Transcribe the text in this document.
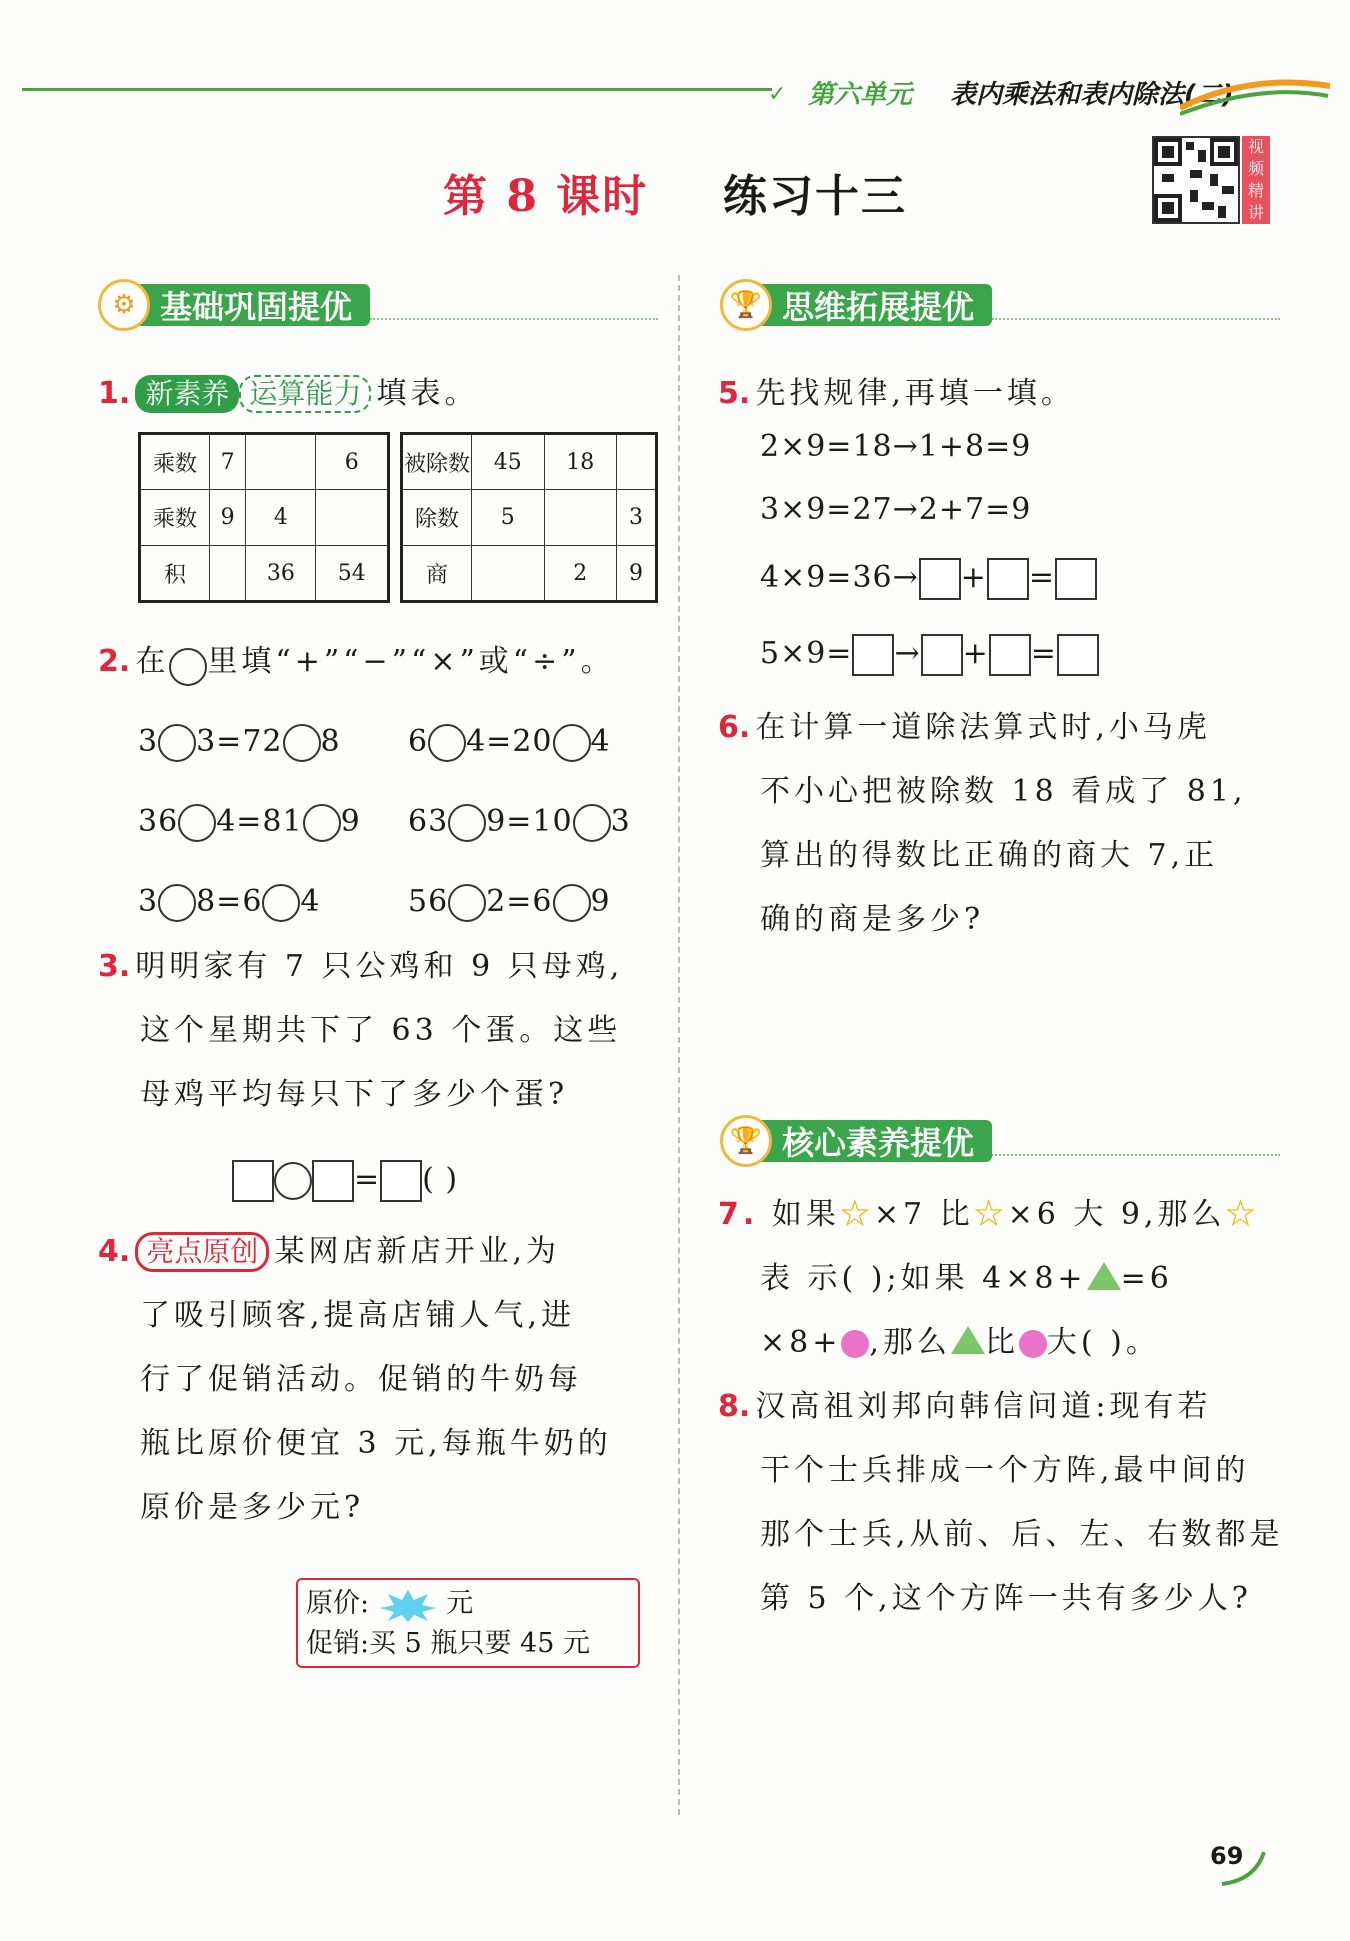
✓ 第六单元 表内乘法和表内除法(二)
第 8 课时 练习十三
视频精讲
⚙ 基础巩固提优
1. 新素养 运算能力 填表。
乘数	7		6
乘数	9	4	
积		36	54
被除数	45	18	
除数	5		3
商		2	9
2. 在 里填“+”“−”“×”或“÷”。
3 3=72 8	6 4=20 4
36 4=81 9	63 9=10 3
3 8=6 4	56 2=6 9
3. 明明家有 7 只公鸡和 9 只母鸡,
这个星期共下了 63 个蛋。这些
母鸡平均每只下了多少个蛋?
= ( )
4. 亮点原创 某网店新店开业,为
了吸引顾客,提高店铺人气,进
行了促销活动。促销的牛奶每
瓶比原价便宜 3 元,每瓶牛奶的
原价是多少元?
原价:	元
促销:买 5 瓶只要 45 元
🏆 思维拓展提优
5. 先找规律,再填一填。
2×9=18→1+8=9
3×9=27→2+7=9
4×9=36→ + =
5×9= → + =
6. 在计算一道除法算式时,小马虎
不小心把被除数 18 看成了 81,
算出的得数比正确的商大 7,正
确的商是多少?
🏆 核心素养提优
7. 如果☆×7 比☆×6 大 9,那么☆
表 示( );如果 4×8+ =6
×8+ ,那么 比 大( )。
8. 汉高祖刘邦向韩信问道:现有若
干个士兵排成一个方阵,最中间的
那个士兵,从前、后、左、右数都是
第 5 个,这个方阵一共有多少人?
69
